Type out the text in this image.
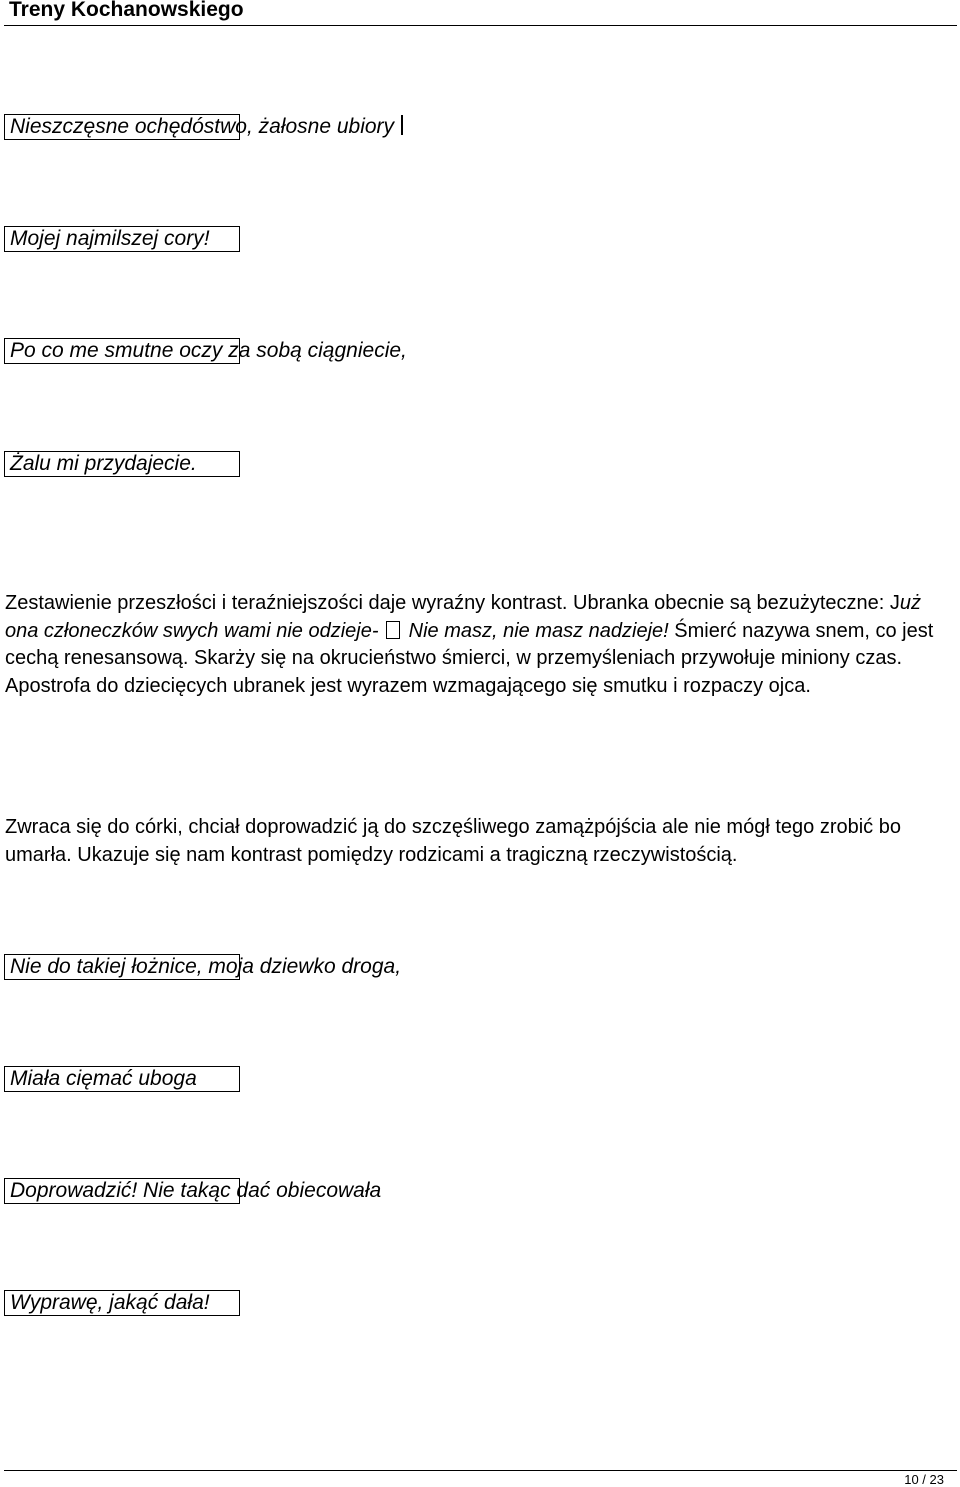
Treny Kochanowskiego
Nieszczęsne ochędóstwo, żałosne ubiory
Mojej najmilszej cory!
Po co me smutne oczy za sobą ciągniecie,
Żalu mi przydajecie.
Zestawienie przeszłości i teraźniejszości daje wyraźny kontrast. Ubranka obecnie są bezużyteczne: Już ona członeczków swych wami nie odzieje- Nie masz, nie masz nadzieje! Śmierć nazywa snem, co jest cechą renesansową. Skarży się na okrucieństwo śmierci, w przemyśleniach przywołuje miniony czas. Apostrofa do dziecięcych ubranek jest wyrazem wzmagającego się smutku i rozpaczy ojca.
Zwraca się do córki, chciał doprowadzić ją do szczęśliwego zamążpójścia ale nie mógł tego zrobić bo umarła. Ukazuje się nam kontrast pomiędzy rodzicami a tragiczną rzeczywistością.
Nie do takiej łożnice, moja dziewko droga,
Miała cięmać uboga
Doprowadzić! Nie takąc dać obiecowała
Wyprawę, jakąć dała!
10 / 23
